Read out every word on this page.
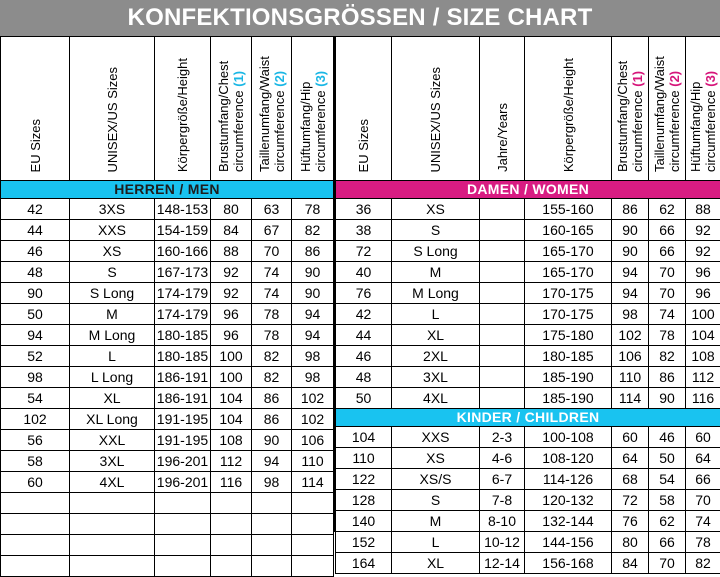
KONFEKTIONSGRÖSSEN / SIZE CHART
EU Sizes	UNISEX/US Sizes	Körpergröße/Height	Brustumfang/Chest circumference (1)	Taillenumfang/Waist circumference (2)	Hüftumfang/Hip circumference (3)
HERREN / MEN					
42	3XS	148-153	80	63	78
44	XXS	154-159	84	67	82
46	XS	160-166	88	70	86
48	S	167-173	92	74	90
90	S Long	174-179	92	74	90
50	M	174-179	96	78	94
94	M Long	180-185	96	78	94
52	L	180-185	100	82	98
98	L Long	186-191	100	82	98
54	XL	186-191	104	86	102
102	XL Long	191-195	104	86	102
56	XXL	191-195	108	90	106
58	3XL	196-201	112	94	110
60	4XL	196-201	116	98	114

EU Sizes	UNISEX/US Sizes	Jahre/Years	Körpergröße/Height	Brustumfang/Chest circumference (1)	Taillenumfang/Waist circumference (2)	Hüftumfang/Hip circumference (3)
DAMEN / WOMEN						
36	XS		155-160	86	62	88
38	S		160-165	90	66	92
72	S Long		165-170	90	66	92
40	M		165-170	94	70	96
76	M Long		170-175	94	70	96
42	L		170-175	98	74	100
44	XL		175-180	102	78	104
46	2XL		180-185	106	82	108
48	3XL		185-190	110	86	112
50	4XL		185-190	114	90	116
KINDER / CHILDREN						
104	XXS	2-3	100-108	60	46	60
110	XS	4-6	108-120	64	50	64
122	XS/S	6-7	114-126	68	54	66
128	S	7-8	120-132	72	58	70
140	M	8-10	132-144	76	62	74
152	L	10-12	144-156	80	66	78
164	XL	12-14	156-168	84	70	82
